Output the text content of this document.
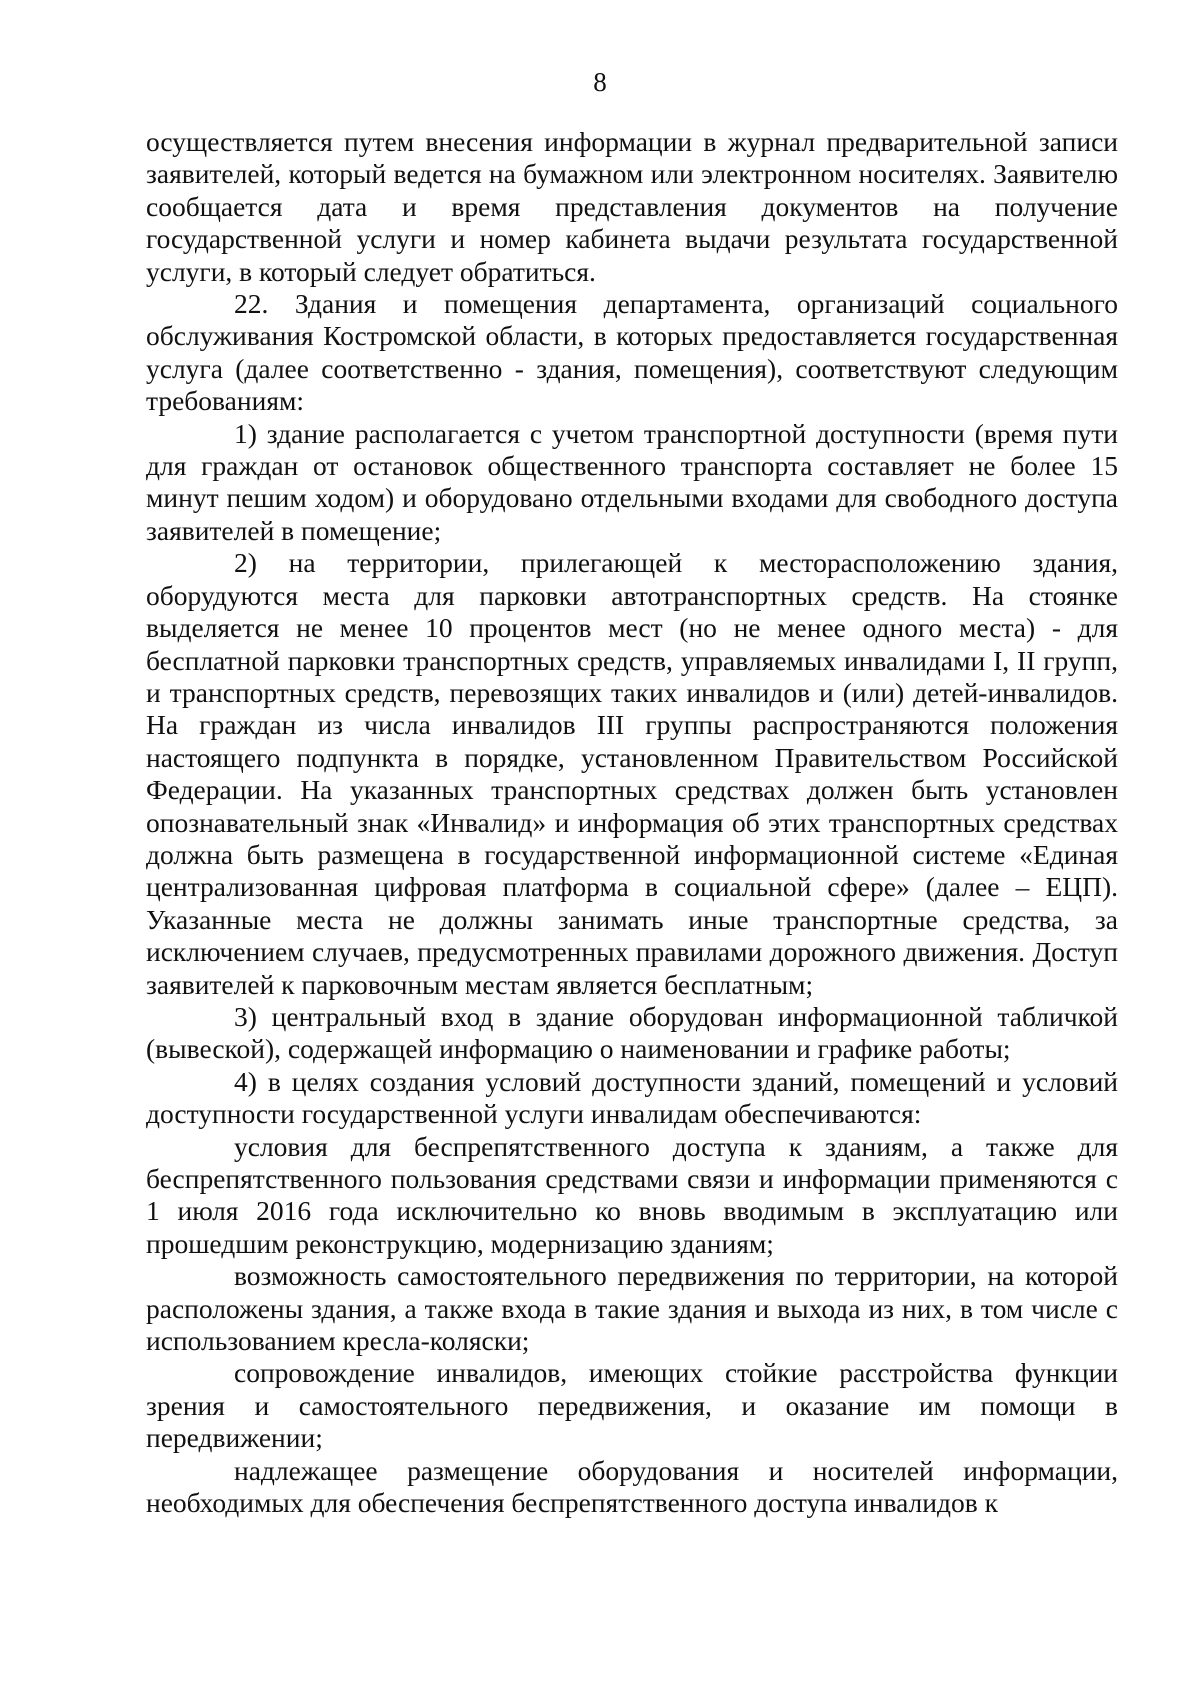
8

осуществляется путем внесения информации в журнал предварительной записи заявителей, который ведется на бумажном или электронном носителях. Заявителю сообщается дата и время представления документов на получение государственной услуги и номер кабинета выдачи результата государственной услуги, в который следует обратиться.

22. Здания и помещения департамента, организаций социального обслуживания Костромской области, в которых предоставляется государственная услуга (далее соответственно - здания, помещения), соответствуют следующим требованиям:

1) здание располагается с учетом транспортной доступности (время пути для граждан от остановок общественного транспорта составляет не более 15 минут пешим ходом) и оборудовано отдельными входами для свободного доступа заявителей в помещение;

2) на территории, прилегающей к месторасположению здания, оборудуются места для парковки автотранспортных средств. На стоянке выделяется не менее 10 процентов мест (но не менее одного места) - для бесплатной парковки транспортных средств, управляемых инвалидами I, II групп, и транспортных средств, перевозящих таких инвалидов и (или) детей-инвалидов. На граждан из числа инвалидов III группы распространяются положения настоящего подпункта в порядке, установленном Правительством Российской Федерации. На указанных транспортных средствах должен быть установлен опознавательный знак «Инвалид» и информация об этих транспортных средствах должна быть размещена в государственной информационной системе «Единая централизованная цифровая платформа в социальной сфере» (далее – ЕЦП). Указанные места не должны занимать иные транспортные средства, за исключением случаев, предусмотренных правилами дорожного движения. Доступ заявителей к парковочным местам является бесплатным;

3) центральный вход в здание оборудован информационной табличкой (вывеской), содержащей информацию о наименовании и графике работы;

4) в целях создания условий доступности зданий, помещений и условий доступности государственной услуги инвалидам обеспечиваются:

условия для беспрепятственного доступа к зданиям, а также для беспрепятственного пользования средствами связи и информации применяются с 1 июля 2016 года исключительно ко вновь вводимым в эксплуатацию или прошедшим реконструкцию, модернизацию зданиям;

возможность самостоятельного передвижения по территории, на которой расположены здания, а также входа в такие здания и выхода из них, в том числе с использованием кресла-коляски;

сопровождение инвалидов, имеющих стойкие расстройства функции зрения и самостоятельного передвижения, и оказание им помощи в передвижении;

надлежащее размещение оборудования и носителей информации, необходимых для обеспечения беспрепятственного доступа инвалидов к
